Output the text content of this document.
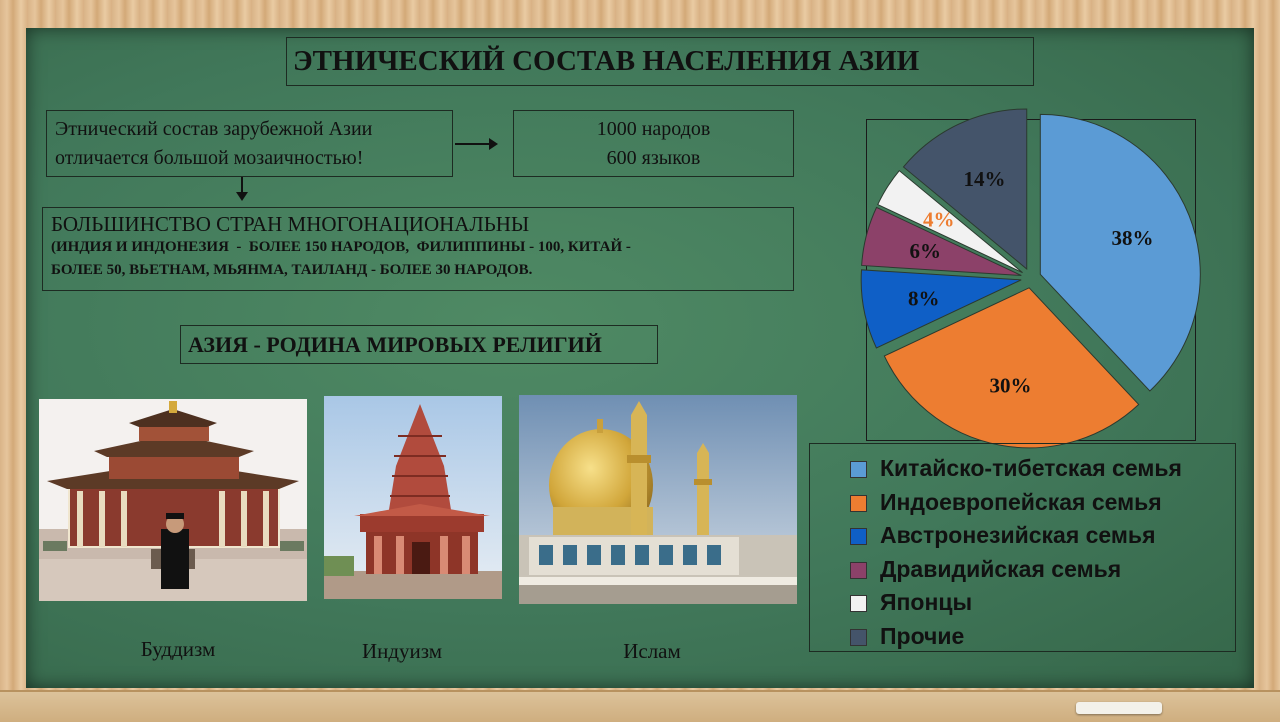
ЭТНИЧЕСКИЙ СОСТАВ НАСЕЛЕНИЯ АЗИИ
Этнический состав зарубежной Азии
отличается большой мозаичностью!
1000 народов
600 языков
БОЛЬШИНСТВО СТРАН МНОГОНАЦИОНАЛЬНЫ
(ИНДИЯ И ИНДОНЕЗИЯ  -  БОЛЕЕ 150 НАРОДОВ,  ФИЛИППИНЫ - 100, КИТАЙ -
БОЛЕЕ 50, ВЬЕТНАМ, МЬЯНМА, ТАИЛАНД - БОЛЕЕ 30 НАРОДОВ.
АЗИЯ - РОДИНА МИРОВЫХ РЕЛИГИЙ
Буддизм	Индуизм	Ислам
38%
30%
8%
6%
4%
14%
Китайско-тибетская семья
Индоевропейская семья
Австронезийская семья
Дравидийская семья
Японцы
Прочие
